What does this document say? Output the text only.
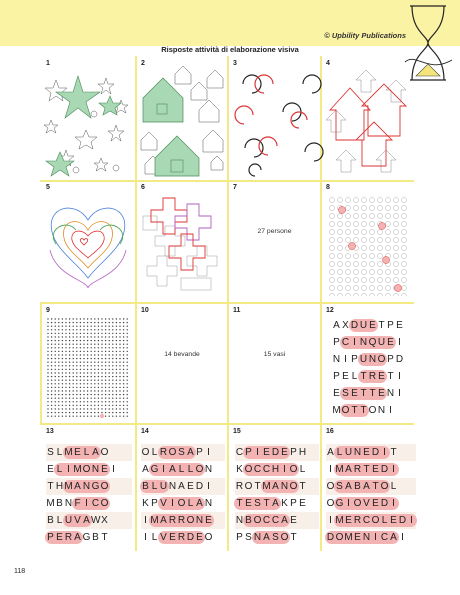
© Upbility Publications
Risposte attività di elaborazione visiva
1	2	3	4
5	6	7
27 persone
8
9	10
14 bevande
11
15 vasi
12
A X D U E T P E
P C I N Q U E I
N I P U N O P D
P E L T R E T I
E S E T T E N I
M O T T O N I
13
S L M E L A O
E L I M O N E I
T H M A N G O
M B N F I C O
B L U V A W X
P E R A G B T
14
O L R O S A P I
A G I A L L O N
B L U N A E D I
K P V I O L A N
I M A R R O N E
I L V E R D E O
15
C P I E D E P H
K O C C H I O L
R O T M A N O T
T E S T A K P E
N B O C C A E
P S N A S O T
16
A L U N E D I T
I M A R T E D I
O S A B A T O L
O G I O V E D I
I M E R C O L E D I
D O M E N I C A I
118
